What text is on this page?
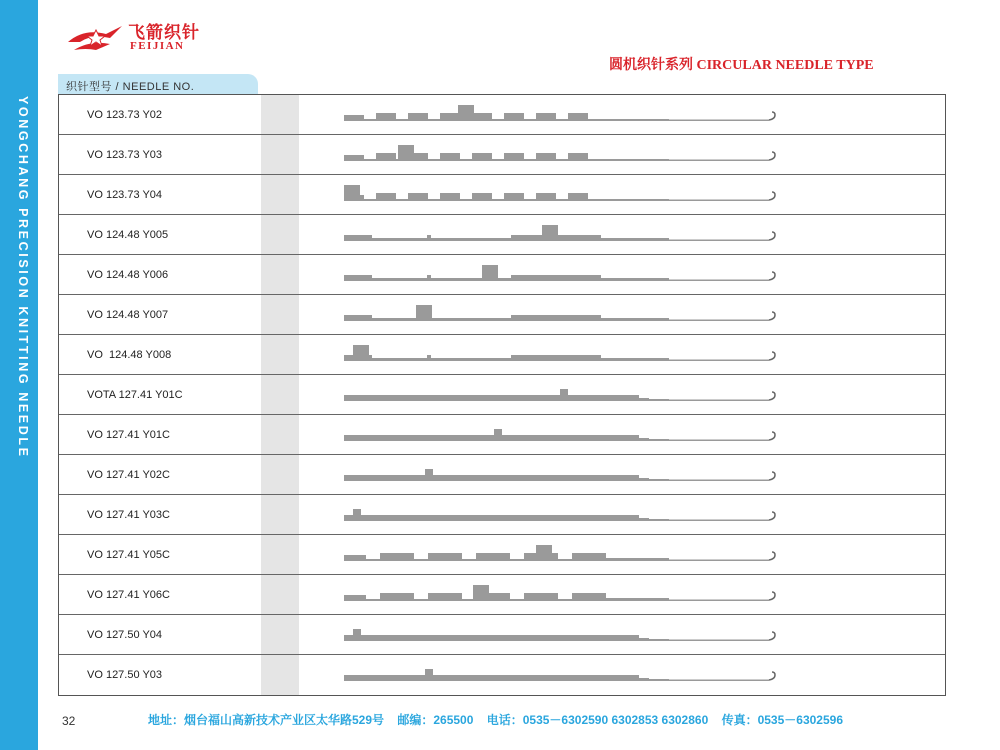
YONGCHANG PRECISION KNITTING NEEDLE
飞箭织针
FEIJIAN
圆机织针系列 CIRCULAR NEEDLE TYPE
织针型号 / NEEDLE NO.
VO 123.73 Y02
VO 123.73 Y03
VO 123.73 Y04
VO 124.48 Y005
VO 124.48 Y006
VO 124.48 Y007
VO  124.48 Y008
VOTA 127.41 Y01C
VO 127.41 Y01C
VO 127.41 Y02C
VO 127.41 Y03C
VO 127.41 Y05C
VO 127.41 Y06C
VO 127.50 Y04
VO 127.50 Y03
32	地址：烟台福山高新技术产业区太华路529号    邮编：265500    电话：0535－6302590 6302853 6302860    传真：0535－6302596
